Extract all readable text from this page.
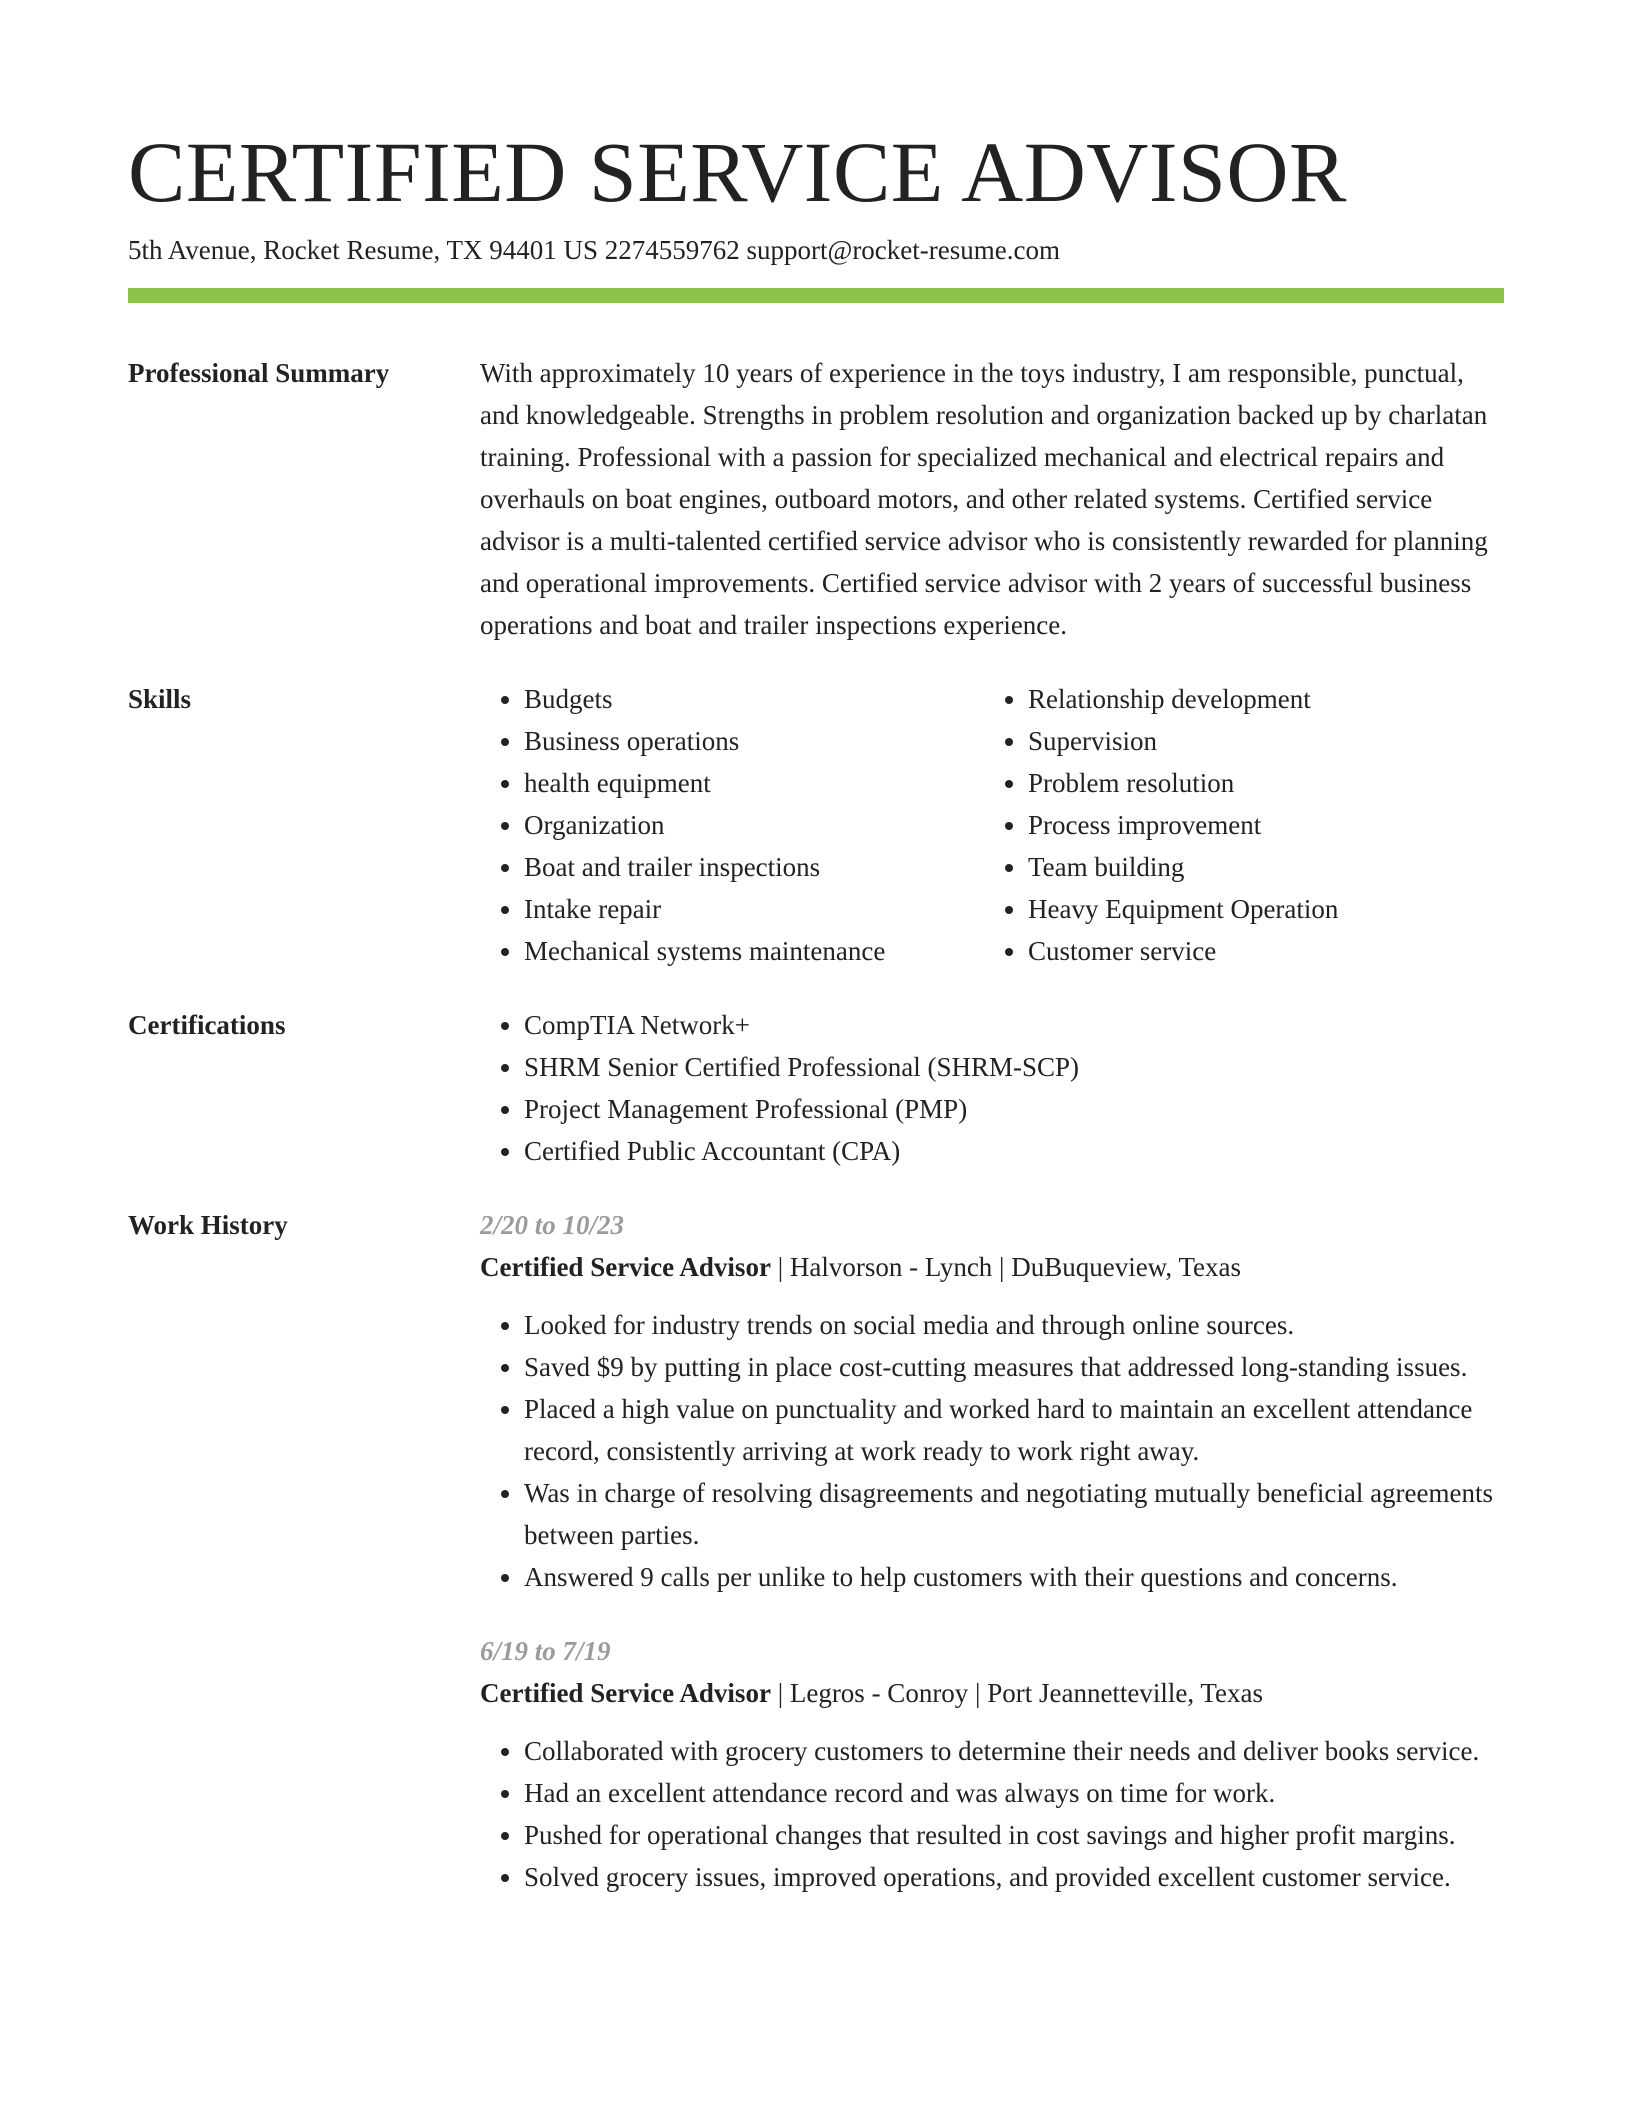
CERTIFIED SERVICE ADVISOR
5th Avenue, Rocket Resume, TX 94401 US 2274559762 support@rocket-resume.com
Professional Summary	With approximately 10 years of experience in the toys industry, I am responsible, punctual, and knowledgeable. Strengths in problem resolution and organization backed up by charlatan training. Professional with a passion for specialized mechanical and electrical repairs and overhauls on boat engines, outboard motors, and other related systems. Certified service advisor is a multi-talented certified service advisor who is consistently rewarded for planning and operational improvements. Certified service advisor with 2 years of successful business operations and boat and trailer inspections experience.
Skills	• Budgets
• Business operations
• health equipment
• Organization
• Boat and trailer inspections
• Intake repair
• Mechanical systems maintenance
• Relationship development
• Supervision
• Problem resolution
• Process improvement
• Team building
• Heavy Equipment Operation
• Customer service
Certifications	• CompTIA Network+
• SHRM Senior Certified Professional (SHRM-SCP)
• Project Management Professional (PMP)
• Certified Public Accountant (CPA)
Work History	2/20 to 10/23
Certified Service Advisor | Halvorson - Lynch | DuBuqueview, Texas
• Looked for industry trends on social media and through online sources.
• Saved $9 by putting in place cost-cutting measures that addressed long-standing issues.
• Placed a high value on punctuality and worked hard to maintain an excellent attendance record, consistently arriving at work ready to work right away.
• Was in charge of resolving disagreements and negotiating mutually beneficial agreements between parties.
• Answered 9 calls per unlike to help customers with their questions and concerns.
6/19 to 7/19
Certified Service Advisor | Legros - Conroy | Port Jeannetteville, Texas
• Collaborated with grocery customers to determine their needs and deliver books service.
• Had an excellent attendance record and was always on time for work.
• Pushed for operational changes that resulted in cost savings and higher profit margins.
• Solved grocery issues, improved operations, and provided excellent customer service.
